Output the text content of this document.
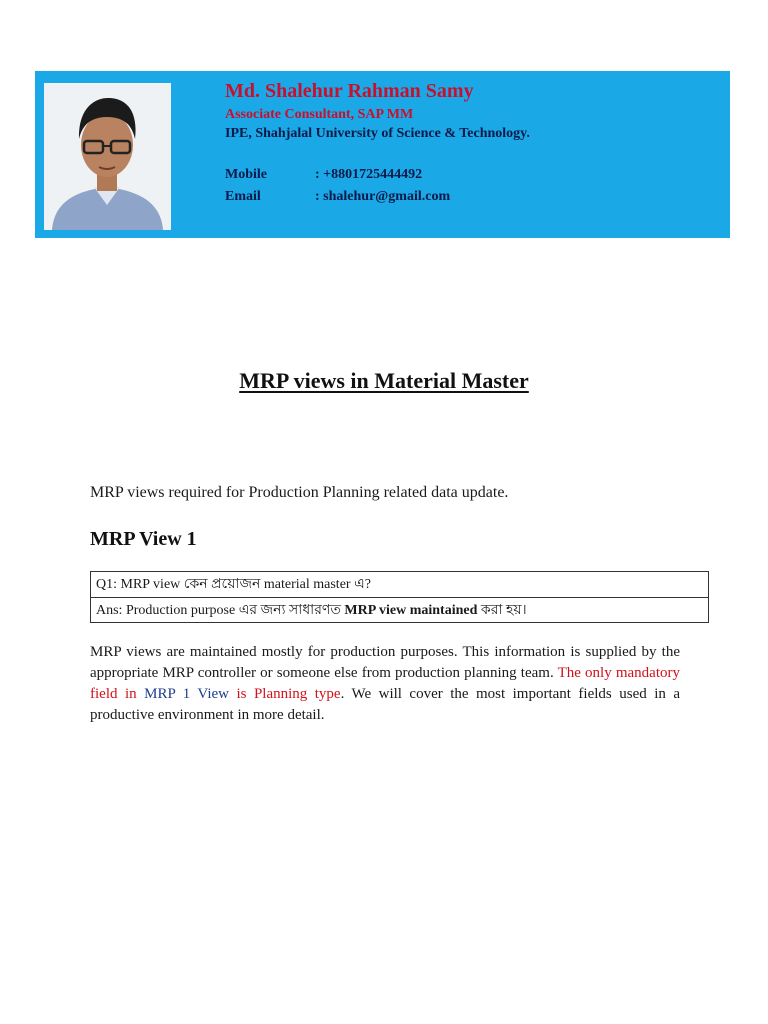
Md. Shalehur Rahman Samy
Associate Consultant, SAP MM
IPE, Shahjalal University of Science & Technology.
Mobile	: +8801725444492
Email	: shalehur@gmail.com
MRP views in Material Master
MRP views required for Production Planning related data update.
MRP View 1
Q1: MRP view কেন প্রয়োজন material master এ?
Ans: Production purpose এর জন্য সাধারণত MRP view maintained করা হয়।
MRP views are maintained mostly for production purposes. This information is supplied by the appropriate MRP controller or someone else from production planning team. The only mandatory field in MRP 1 View is Planning type. We will cover the most important fields used in a productive environment in more detail.
